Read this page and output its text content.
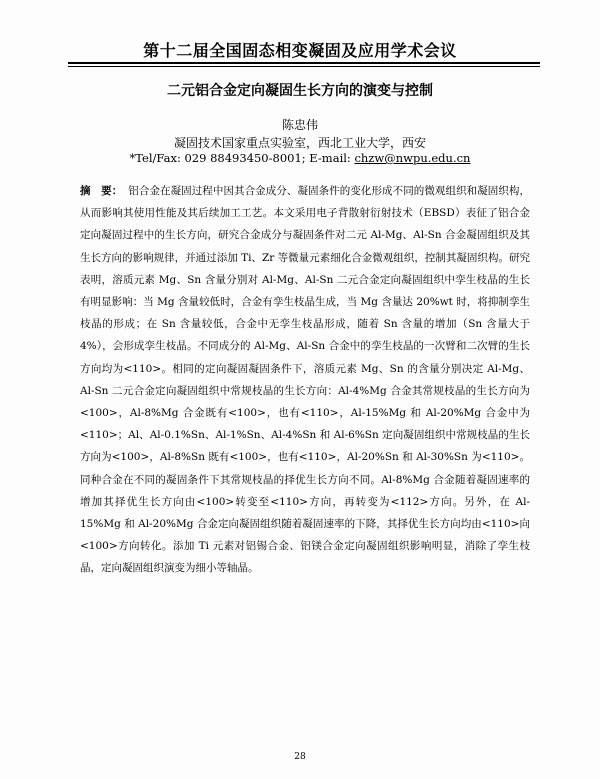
第十二届全国固态相变凝固及应用学术会议
二元铝合金定向凝固生长方向的演变与控制
陈忠伟
凝固技术国家重点实验室，西北工业大学，西安
*Tel/Fax: 029 88493450-8001; E-mail: chzw@nwpu.edu.cn
摘　要： 铝合金在凝固过程中因其合金成分、凝固条件的变化形成不同的微观组织和凝固织构，从而影响其使用性能及其后续加工工艺。本文采用电子背散射衍射技术（EBSD）表征了铝合金定向凝固过程中的生长方向，研究合金成分与凝固条件对二元 Al-Mg、Al-Sn 合金凝固组织及其生长方向的影响规律，并通过添加 Ti、Zr 等微量元素细化合金微观组织，控制其凝固织构。研究表明，溶质元素 Mg、Sn 含量分别对 Al-Mg、Al-Sn 二元合金定向凝固组织中孪生枝晶的生长有明显影响：当 Mg 含量较低时，合金有孪生枝晶生成，当 Mg 含量达 20%wt 时，将抑制孪生枝晶的形成；在 Sn 含量较低，合金中无孪生枝晶形成，随着 Sn 含量的增加（Sn 含量大于 4%），会形成孪生枝晶。不同成分的 Al-Mg、Al-Sn 合金中的孪生枝晶的一次臂和二次臂的生长方向均为<110>。相同的定向凝固凝固条件下，溶质元素 Mg、Sn 的含量分别决定 Al-Mg、Al-Sn 二元合金定向凝固组织中常规枝晶的生长方向：Al-4%Mg 合金其常规枝晶的生长方向为<100>，Al-8%Mg 合金既有<100>，也有<110>，Al-15%Mg 和 Al-20%Mg 合金中为<110>；Al、Al-0.1%Sn、Al-1%Sn、Al-4%Sn 和 Al-6%Sn 定向凝固组织中常规枝晶的生长方向为<100>，Al-8%Sn 既有<100>，也有<110>，Al-20%Sn 和 Al-30%Sn 为<110>。同种合金在不同的凝固条件下其常规枝晶的择优生长方向不同。Al-8%Mg 合金随着凝固速率的增加其择优生长方向由<100>转变至<110>方向，再转变为<112>方向。另外，在 Al-15%Mg 和 Al-20%Mg 合金定向凝固组织随着凝固速率的下降，其择优生长方向均由<110>向<100>方向转化。添加 Ti 元素对铝锡合金、铝镁合金定向凝固组织影响明显，消除了孪生枝晶，定向凝固组织演变为细小等轴晶。
28
